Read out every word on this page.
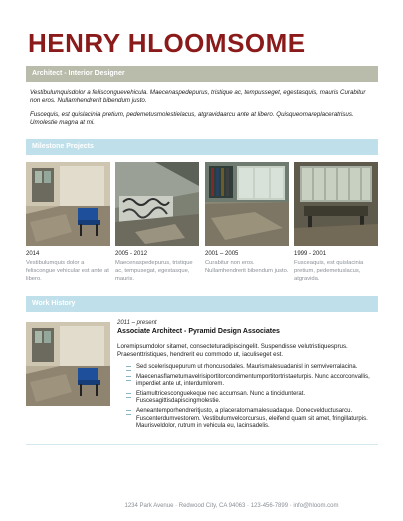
HENRY HLOOMSOME
Architect - Interior Designer
Vestibulumquisdolor a felisconguevehicula. Maecenaspedepurus, tristique ac, tempusseget, egestasquis, mauris Curabitur non eros. Nullamhendrerit bibendum justo.
Fuscequis, est quislacinia pretium, pedemetusmolestielacus, atgravidaarcu ante at libero. Quisqueomareplaceratrisus. Umolestie magna at mi.
Milestone Projects
2014
Vestibulumquis dolor a felisconguе vehicular est ante at libero.
2005 - 2012
Maecenaspedepurus, tristique ac, tempusegat, egestasque, mauris.
2001 – 2005
Curabitur non eros. Nullamhendrerit bibendum justo.
1999 - 2001
Fusceaquis, est quislacinia pretium, pedemetuslacus, atgravida.
Work History
2011 – present
Associate Architect - Pyramid Design Associates
Loremipsumdolor sitamet, consecteturadipiscingelit. Suspendisse velutristiquesprus. Praesenttristiques, hendrerit eu commodo ut, iaculiseget est.
Sed scelerisquepurum ut rhoncusodales. Maurismalesuadanisl in semviverralacina.
Maecenasflametumavelrisiportitorcondimentumportitortristaeturpis. Nunc accorconvallis, imperdiet ante ut, interdumlorem.
Etiamultricesconguekeque nec accumsan. Nunc a tincidunterat. Fuscesagittisdapiscingmolestie.
Aeneantemporhendreritjusto, a placeratornamalesuadaque. Donecvelductusarcu. Fuscenterdumvestorem. Vestibulumvelcorcursus, eleifend quam sit amet, fringillaturpis. Maurisveldolor, rutrum in vehicula eu, lacinsadelis.
1234 Park Avenue · Redwood City, CA 94063 · 123-456-7899 · info@hloom.com
